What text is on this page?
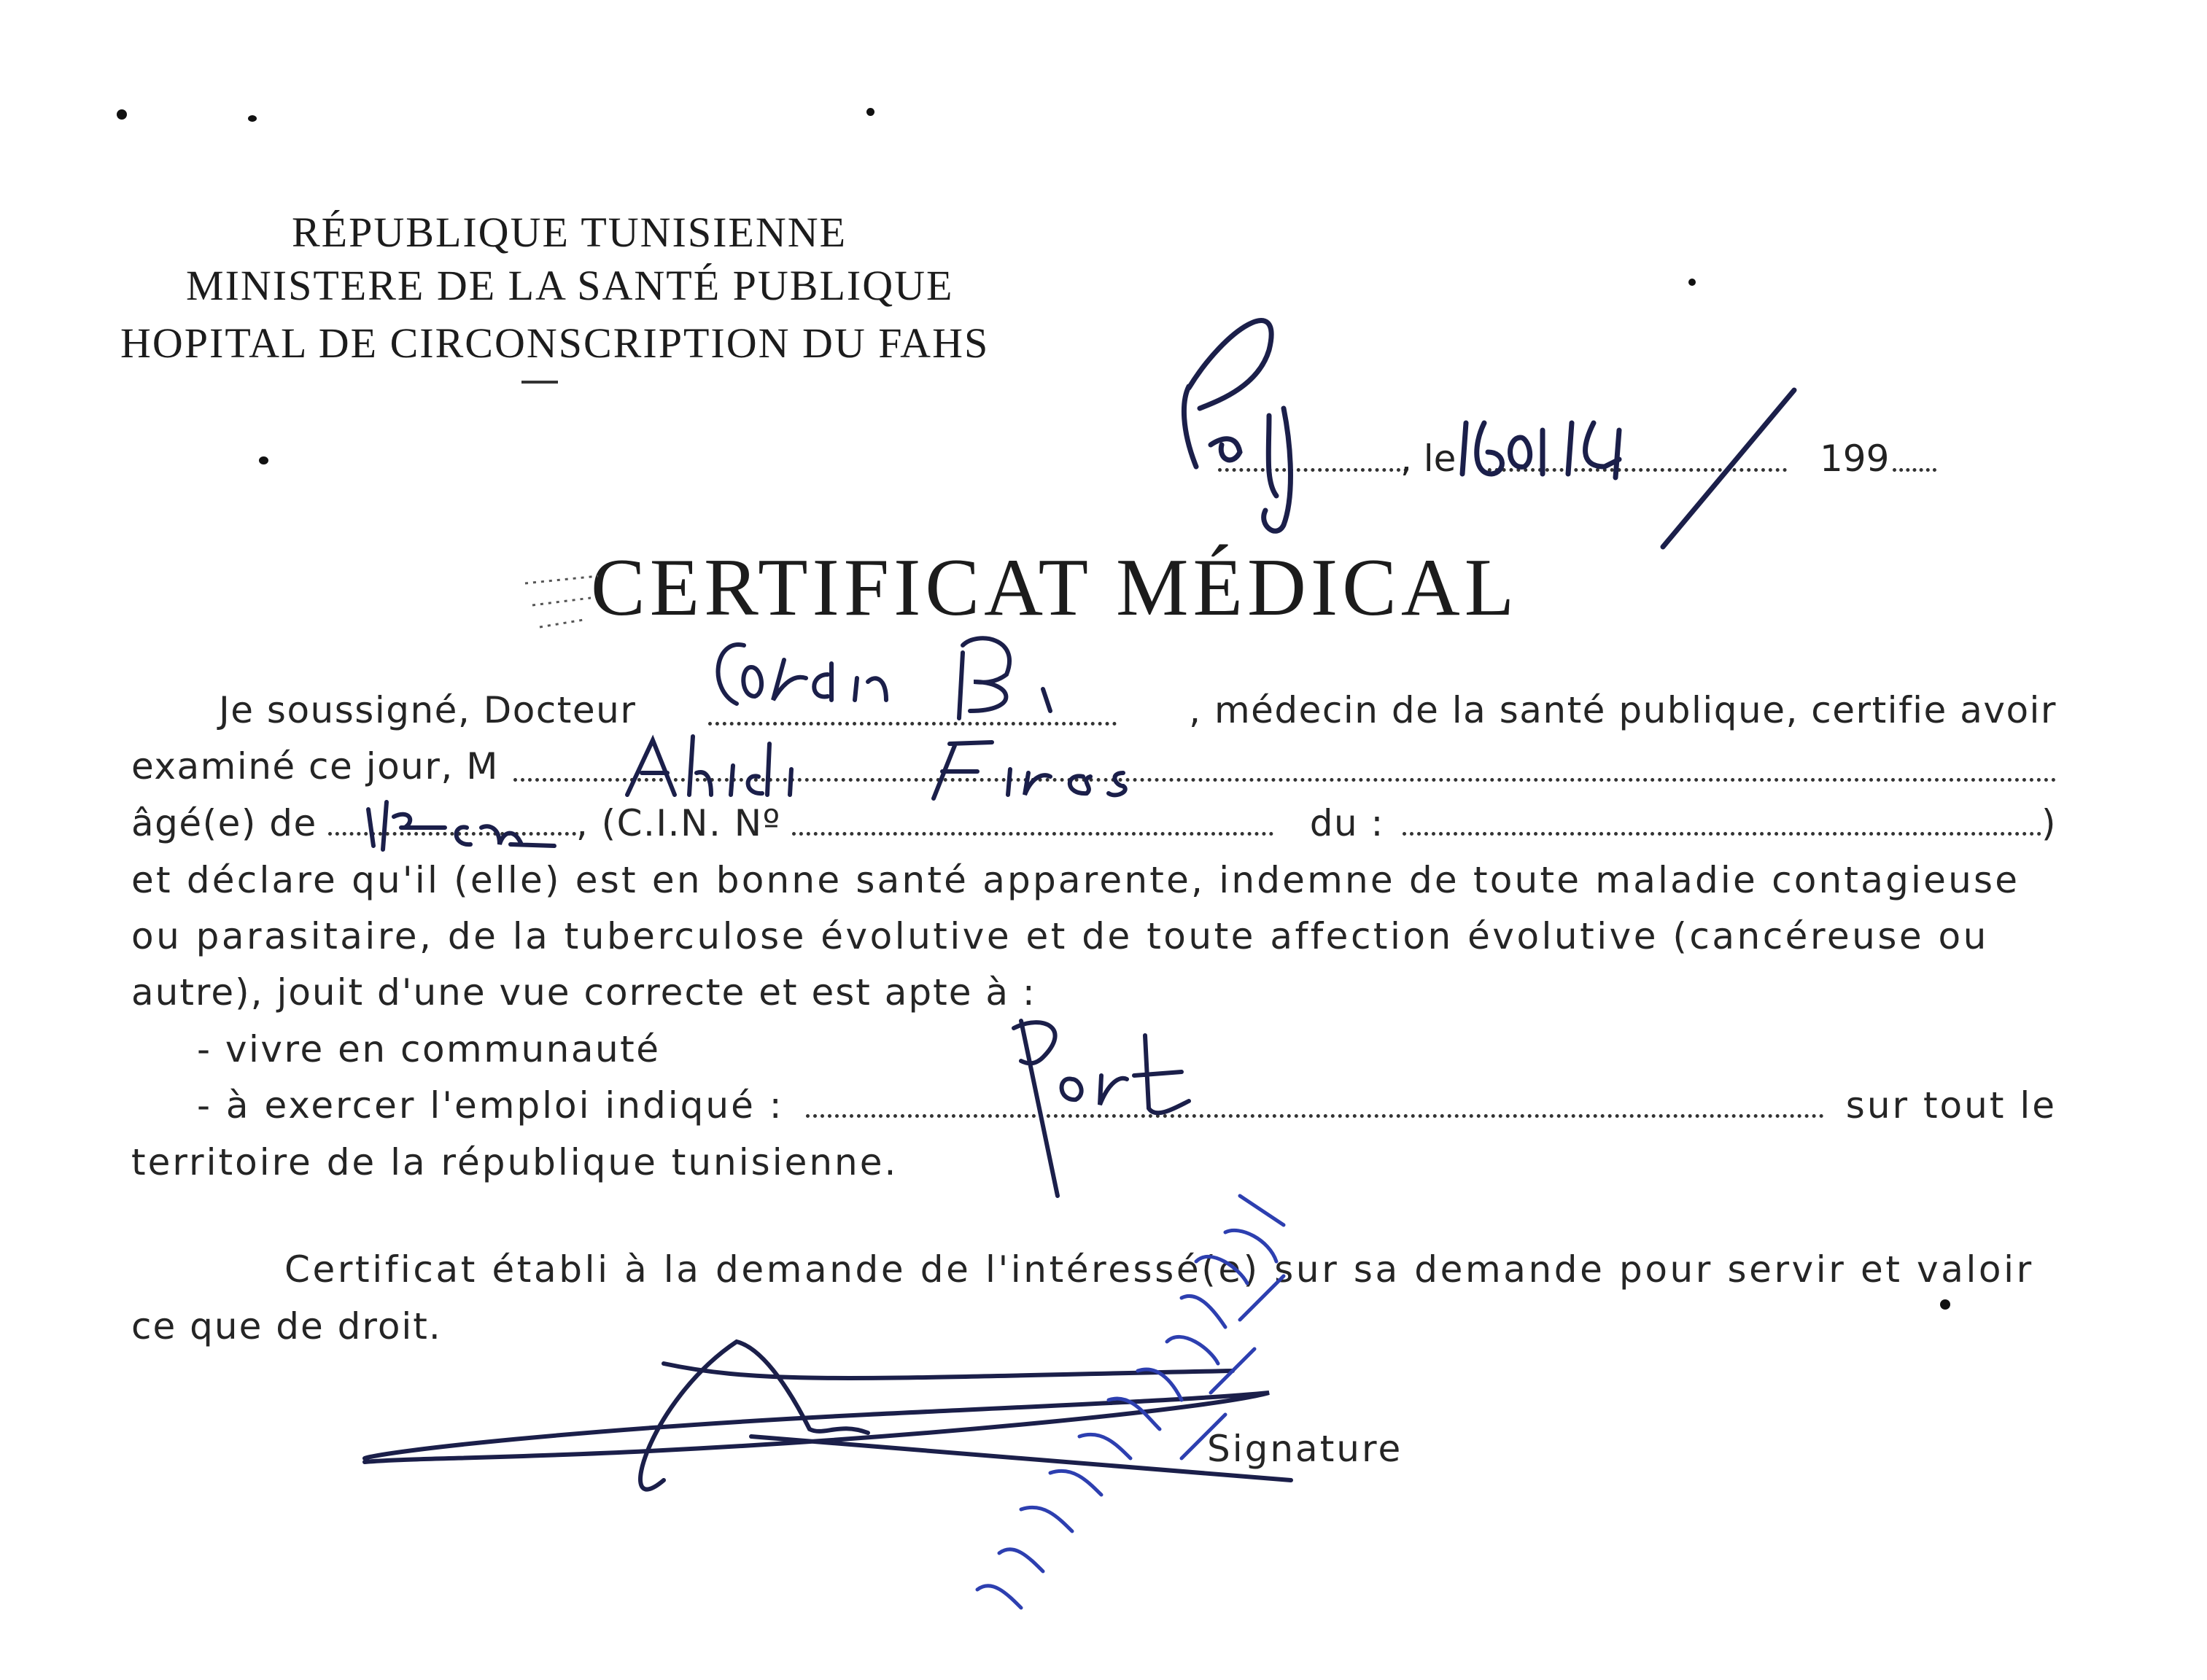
RÉPUBLIQUE TUNISIENNE
MINISTERE DE LA SANTÉ PUBLIQUE
HOPITAL DE CIRCONSCRIPTION DU FAHS
, le	199
CERTIFICAT MÉDICAL
Je soussigné, Docteur	, médecin de la santé publique, certifie avoir
examiné ce jour, M
âgé(e) de	, (C.I.N. Nº	du :	)
et déclare qu'il (elle) est en bonne santé apparente, indemne de toute maladie contagieuse
ou parasitaire, de la tuberculose évolutive et de toute affection évolutive (cancéreuse ou
autre), jouit d'une vue correcte et est apte à :
- vivre en communauté
- à exercer l'emploi indiqué :	sur tout le
territoire de la république tunisienne.
Certificat établi à la demande de l'intéressé(e) sur sa demande pour servir et valoir
ce que de droit.
Signature
